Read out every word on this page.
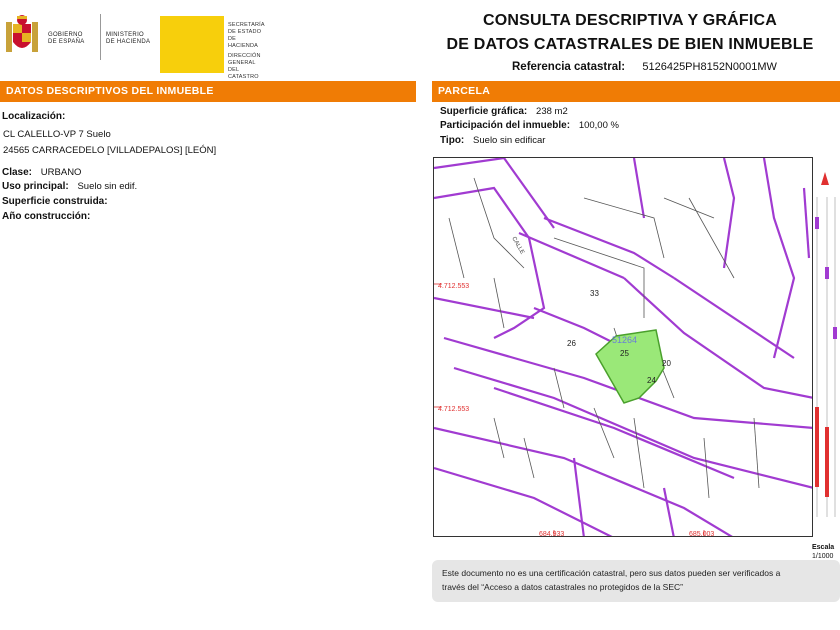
GOBIERNO
DE ESPAÑA
MINISTERIO
DE HACIENDA
SECRETARÍA DE ESTADO
DE HACIENDA
DIRECCIÓN GENERAL
DEL CATASTRO
CONSULTA DESCRIPTIVA Y GRÁFICA
DE DATOS CATASTRALES DE BIEN INMUEBLE
Referencia catastral: 5126425PH8152N0001MW
DATOS DESCRIPTIVOS DEL INMUEBLE	PARCELA
Localización:
CL CALELLO-VP 7 Suelo
24565 CARRACEDELO [VILLADEPALOS] [LEÓN]
Clase: URBANO
Uso principal: Suelo sin edif.
Superficie construida:
Año construcción:
Superficie gráfica: 238 m2
Participación del inmueble: 100,00 %
Tipo: Suelo sin edificar
51264
25
33
26
20
24
CALLE
4.712.553
4.712.553
684.933	685.003
Escala
1/1000
Este documento no es una certificación catastral, pero sus datos pueden ser verificados a
través del “Acceso a datos catastrales no protegidos de la SEC”
